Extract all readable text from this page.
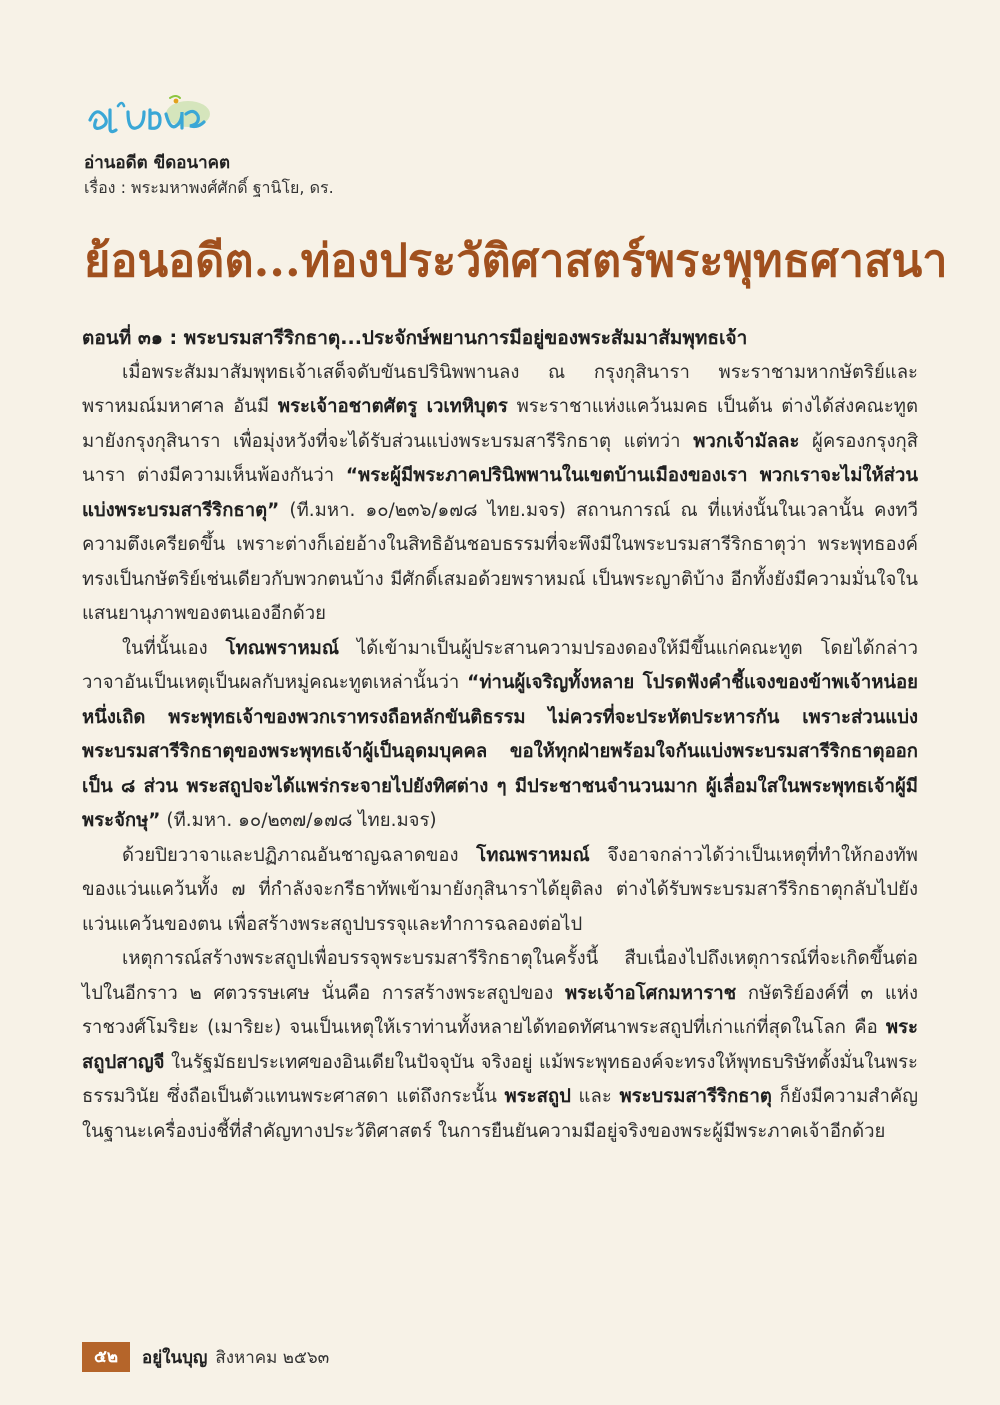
อ่านอดีต ขีดอนาคต
เรื่อง : พระมหาพงศ์ศักดิ์ ฐานิโย, ดร.
ย้อนอดีต...ท่องประวัติศาสตร์พระพุทธศาสนา
ตอนที่ ๓๑ : พระบรมสารีริกธาตุ...ประจักษ์พยานการมีอยู่ของพระสัมมาสัมพุทธเจ้า

เมื่อพระสัมมาสัมพุทธเจ้าเสด็จดับขันธปรินิพพานลง ณ กรุงกุสินารา พระราชามหากษัตริย์และพราหมณ์มหาศาล อันมี พระเจ้าอชาตศัตรู เวเทหิบุตร พระราชาแห่งแคว้นมคธ เป็นต้น ต่างได้ส่งคณะทูตมายังกรุงกุสินารา เพื่อมุ่งหวังที่จะได้รับส่วนแบ่งพระบรมสารีริกธาตุ แต่ทว่า พวกเจ้ามัลละ ผู้ครองกรุงกุสินารา ต่างมีความเห็นพ้องกันว่า “พระผู้มีพระภาคปรินิพพานในเขตบ้านเมืองของเรา พวกเราจะไม่ให้ส่วนแบ่งพระบรมสารีริกธาตุ” (ที.มหา. ๑๐/๒๓๖/๑๗๘ ไทย.มจร) สถานการณ์ ณ ที่แห่งนั้นในเวลานั้น คงทวีความตึงเครียดขึ้น เพราะต่างก็เอ่ยอ้างในสิทธิอันชอบธรรมที่จะพึงมีในพระบรมสารีริกธาตุว่า พระพุทธองค์ทรงเป็นกษัตริย์เช่นเดียวกับพวกตนบ้าง มีศักดิ์เสมอด้วยพราหมณ์ เป็นพระญาติบ้าง อีกทั้งยังมีความมั่นใจในแสนยานุภาพของตนเองอีกด้วย

ในที่นั้นเอง โทณพราหมณ์ ได้เข้ามาเป็นผู้ประสานความปรองดองให้มีขึ้นแก่คณะทูต โดยได้กล่าววาจาอันเป็นเหตุเป็นผลกับหมู่คณะทูตเหล่านั้นว่า “ท่านผู้เจริญทั้งหลาย โปรดฟังคำชี้แจงของข้าพเจ้าหน่อยหนึ่งเถิด พระพุทธเจ้าของพวกเราทรงถือหลักขันติธรรม ไม่ควรที่จะประหัตประหารกัน เพราะส่วนแบ่งพระบรมสารีริกธาตุของพระพุทธเจ้าผู้เป็นอุดมบุคคล ขอให้ทุกฝ่ายพร้อมใจกันแบ่งพระบรมสารีริกธาตุออกเป็น ๘ ส่วน พระสถูปจะได้แพร่กระจายไปยังทิศต่าง ๆ มีประชาชนจำนวนมาก ผู้เลื่อมใสในพระพุทธเจ้าผู้มีพระจักษุ” (ที.มหา. ๑๐/๒๓๗/๑๗๘ ไทย.มจร)

ด้วยปิยวาจาและปฏิภาณอันชาญฉลาดของ โทณพราหมณ์ จึงอาจกล่าวได้ว่าเป็นเหตุที่ทำให้กองทัพของแว่นแคว้นทั้ง ๗ ที่กำลังจะกรีธาทัพเข้ามายังกุสินาราได้ยุติลง ต่างได้รับพระบรมสารีริกธาตุกลับไปยังแว่นแคว้นของตน เพื่อสร้างพระสถูปบรรจุและทำการฉลองต่อไป

เหตุการณ์สร้างพระสถูปเพื่อบรรจุพระบรมสารีริกธาตุในครั้งนี้ สืบเนื่องไปถึงเหตุการณ์ที่จะเกิดขึ้นต่อไปในอีกราว ๒ ศตวรรษเศษ นั่นคือ การสร้างพระสถูปของ พระเจ้าอโศกมหาราช กษัตริย์องค์ที่ ๓ แห่งราชวงศ์โมริยะ (เมาริยะ) จนเป็นเหตุให้เราท่านทั้งหลายได้ทอดทัศนาพระสถูปที่เก่าแก่ที่สุดในโลก คือ พระสถูปสาญจี ในรัฐมัธยประเทศของอินเดียในปัจจุบัน จริงอยู่ แม้พระพุทธองค์จะทรงให้พุทธบริษัทตั้งมั่นในพระธรรมวินัย ซึ่งถือเป็นตัวแทนพระศาสดา แต่ถึงกระนั้น พระสถูป และ พระบรมสารีริกธาตุ ก็ยังมีความสำคัญในฐานะเครื่องบ่งชี้ที่สำคัญทางประวัติศาสตร์ ในการยืนยันความมีอยู่จริงของพระผู้มีพระภาคเจ้าอีกด้วย

๕๒	อยู่ในบุญ สิงหาคม ๒๕๖๓
